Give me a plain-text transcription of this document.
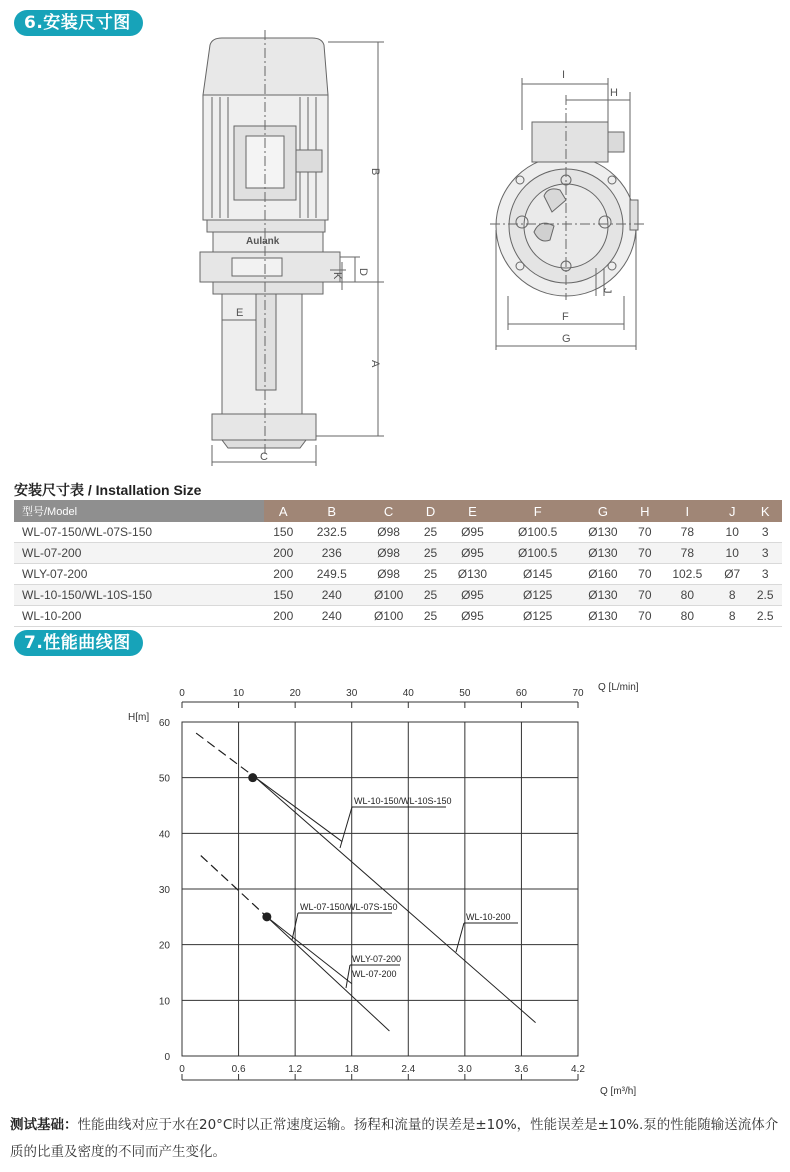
6.安装尺寸图
Aulank
B
A
D
K
C
E
I
H
J
F
G
安装尺寸表 / Installation Size
型号/Model	A	B	C	D	E	F	G	H	I	J	K
WL-07-150/WL-07S-150	150	232.5	Ø98	25	Ø95	Ø100.5	Ø130	70	78	10	3
WL-07-200	200	236	Ø98	25	Ø95	Ø100.5	Ø130	70	78	10	3
WLY-07-200	200	249.5	Ø98	25	Ø130	Ø145	Ø160	70	102.5	Ø7	3
WL-10-150/WL-10S-150	150	240	Ø100	25	Ø95	Ø125	Ø130	70	80	8	2.5
WL-10-200	200	240	Ø100	25	Ø95	Ø125	Ø130	70	80	8	2.5
7.性能曲线图
0	10	20	30	40	50	60	70
Q [L/min]
0	0.6	1.2	1.8	2.4	3.0	3.6	4.2
Q [m³/h]
0
10
20
30
40
50
60
H[m]
WL-10-150/WL-10S-150
WL-10-200
WL-07-150/WL-07S-150
WLY-07-200
WL-07-200
测试基础：性能曲线对应于水在20°C时以正常速度运输。扬程和流量的误差是±10%，性能误差是±10%.泵的性能随输送流体介质的比重及密度的不同而产生变化。
